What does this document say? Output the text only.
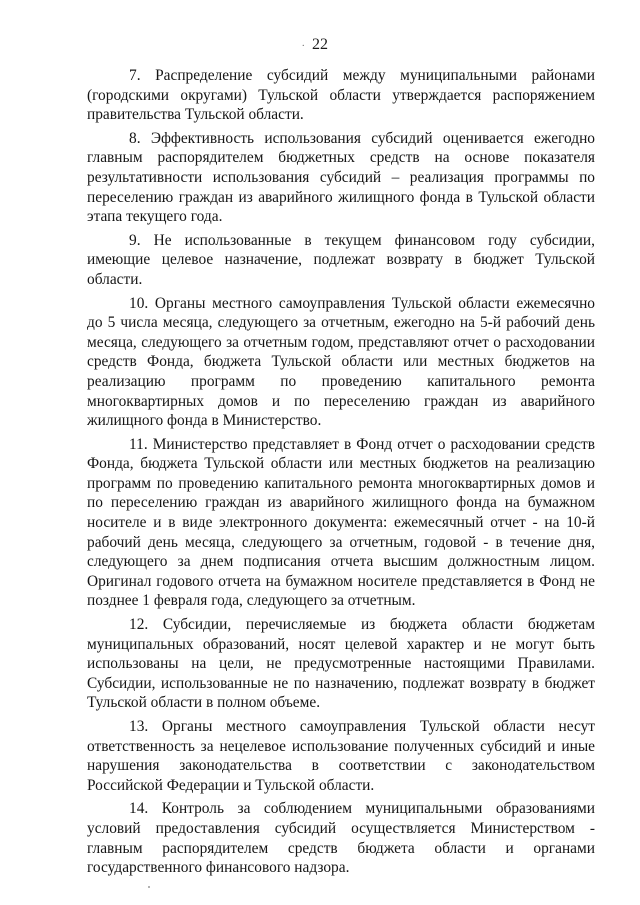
. 22

7. Распределение субсидий между муниципальными районами (городскими округами) Тульской области утверждается распоряжением правительства Тульской области.

8. Эффективность использования субсидий оценивается ежегодно главным распорядителем бюджетных средств на основе показателя результативности использования субсидий – реализация программы по переселению граждан из аварийного жилищного фонда в Тульской области этапа текущего года.

9. Не использованные в текущем финансовом году субсидии, имеющие целевое назначение, подлежат возврату в бюджет Тульской области.

10. Органы местного самоуправления Тульской области ежемесячно до 5 числа месяца, следующего за отчетным, ежегодно на 5-й рабочий день месяца, следующего за отчетным годом, представляют отчет о расходовании средств Фонда, бюджета Тульской области или местных бюджетов на реализацию программ по проведению капитального ремонта многоквартирных домов и по переселению граждан из аварийного жилищного фонда в Министерство.

11. Министерство представляет в Фонд отчет о расходовании средств Фонда, бюджета Тульской области или местных бюджетов на реализацию программ по проведению капитального ремонта многоквартирных домов и по переселению граждан из аварийного жилищного фонда на бумажном носителе и в виде электронного документа: ежемесячный отчет - на 10-й рабочий день месяца, следующего за отчетным, годовой - в течение дня, следующего за днем подписания отчета высшим должностным лицом. Оригинал годового отчета на бумажном носителе представляется в Фонд не позднее 1 февраля года, следующего за отчетным.

12. Субсидии, перечисляемые из бюджета области бюджетам муниципальных образований, носят целевой характер и не могут быть использованы на цели, не предусмотренные настоящими Правилами. Субсидии, использованные не по назначению, подлежат возврату в бюджет Тульской области в полном объеме.

13. Органы местного самоуправления Тульской области несут ответственность за нецелевое использование полученных субсидий и иные нарушения законодательства в соответствии с законодательством Российской Федерации и Тульской области.

14. Контроль за соблюдением муниципальными образованиями условий предоставления субсидий осуществляется Министерством - главным распорядителем средств бюджета области и органами государственного финансового надзора.
